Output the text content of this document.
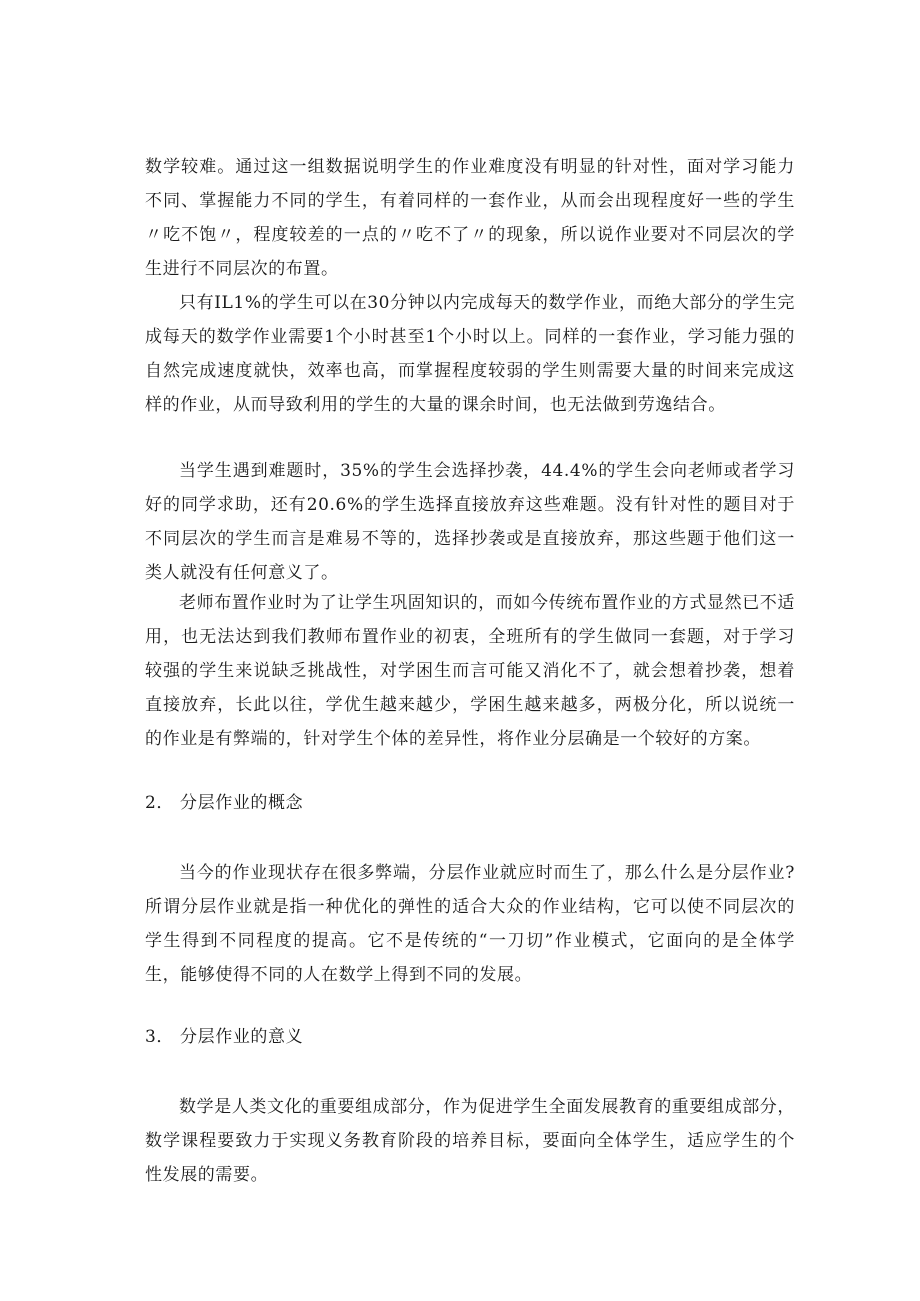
数学较难。通过这一组数据说明学生的作业难度没有明显的针对性，面对学习能力不同、掌握能力不同的学生，有着同样的一套作业，从而会出现程度好一些的学生〃吃不饱〃，程度较差的一点的〃吃不了〃的现象，所以说作业要对不同层次的学生进行不同层次的布置。

只有IL1%的学生可以在30分钟以内完成每天的数学作业，而绝大部分的学生完成每天的数学作业需要1个小时甚至1个小时以上。同样的一套作业，学习能力强的自然完成速度就快，效率也高，而掌握程度较弱的学生则需要大量的时间来完成这样的作业，从而导致利用的学生的大量的课余时间，也无法做到劳逸结合。

当学生遇到难题时，35%的学生会选择抄袭，44.4%的学生会向老师或者学习好的同学求助，还有20.6%的学生选择直接放弃这些难题。没有针对性的题目对于不同层次的学生而言是难易不等的，选择抄袭或是直接放弃，那这些题于他们这一类人就没有任何意义了。

老师布置作业时为了让学生巩固知识的，而如今传统布置作业的方式显然已不适用，也无法达到我们教师布置作业的初衷，全班所有的学生做同一套题，对于学习较强的学生来说缺乏挑战性，对学困生而言可能又消化不了，就会想着抄袭，想着直接放弃，长此以往，学优生越来越少，学困生越来越多，两极分化，所以说统一的作业是有弊端的，针对学生个体的差异性，将作业分层确是一个较好的方案。

2． 分层作业的概念

当今的作业现状存在很多弊端，分层作业就应时而生了，那么什么是分层作业?所谓分层作业就是指一种优化的弹性的适合大众的作业结构，它可以使不同层次的学生得到不同程度的提高。它不是传统的“一刀切”作业模式，它面向的是全体学生，能够使得不同的人在数学上得到不同的发展。

3． 分层作业的意义

数学是人类文化的重要组成部分，作为促进学生全面发展教育的重要组成部分，数学课程要致力于实现义务教育阶段的培养目标，要面向全体学生，适应学生的个性发展的需要。
